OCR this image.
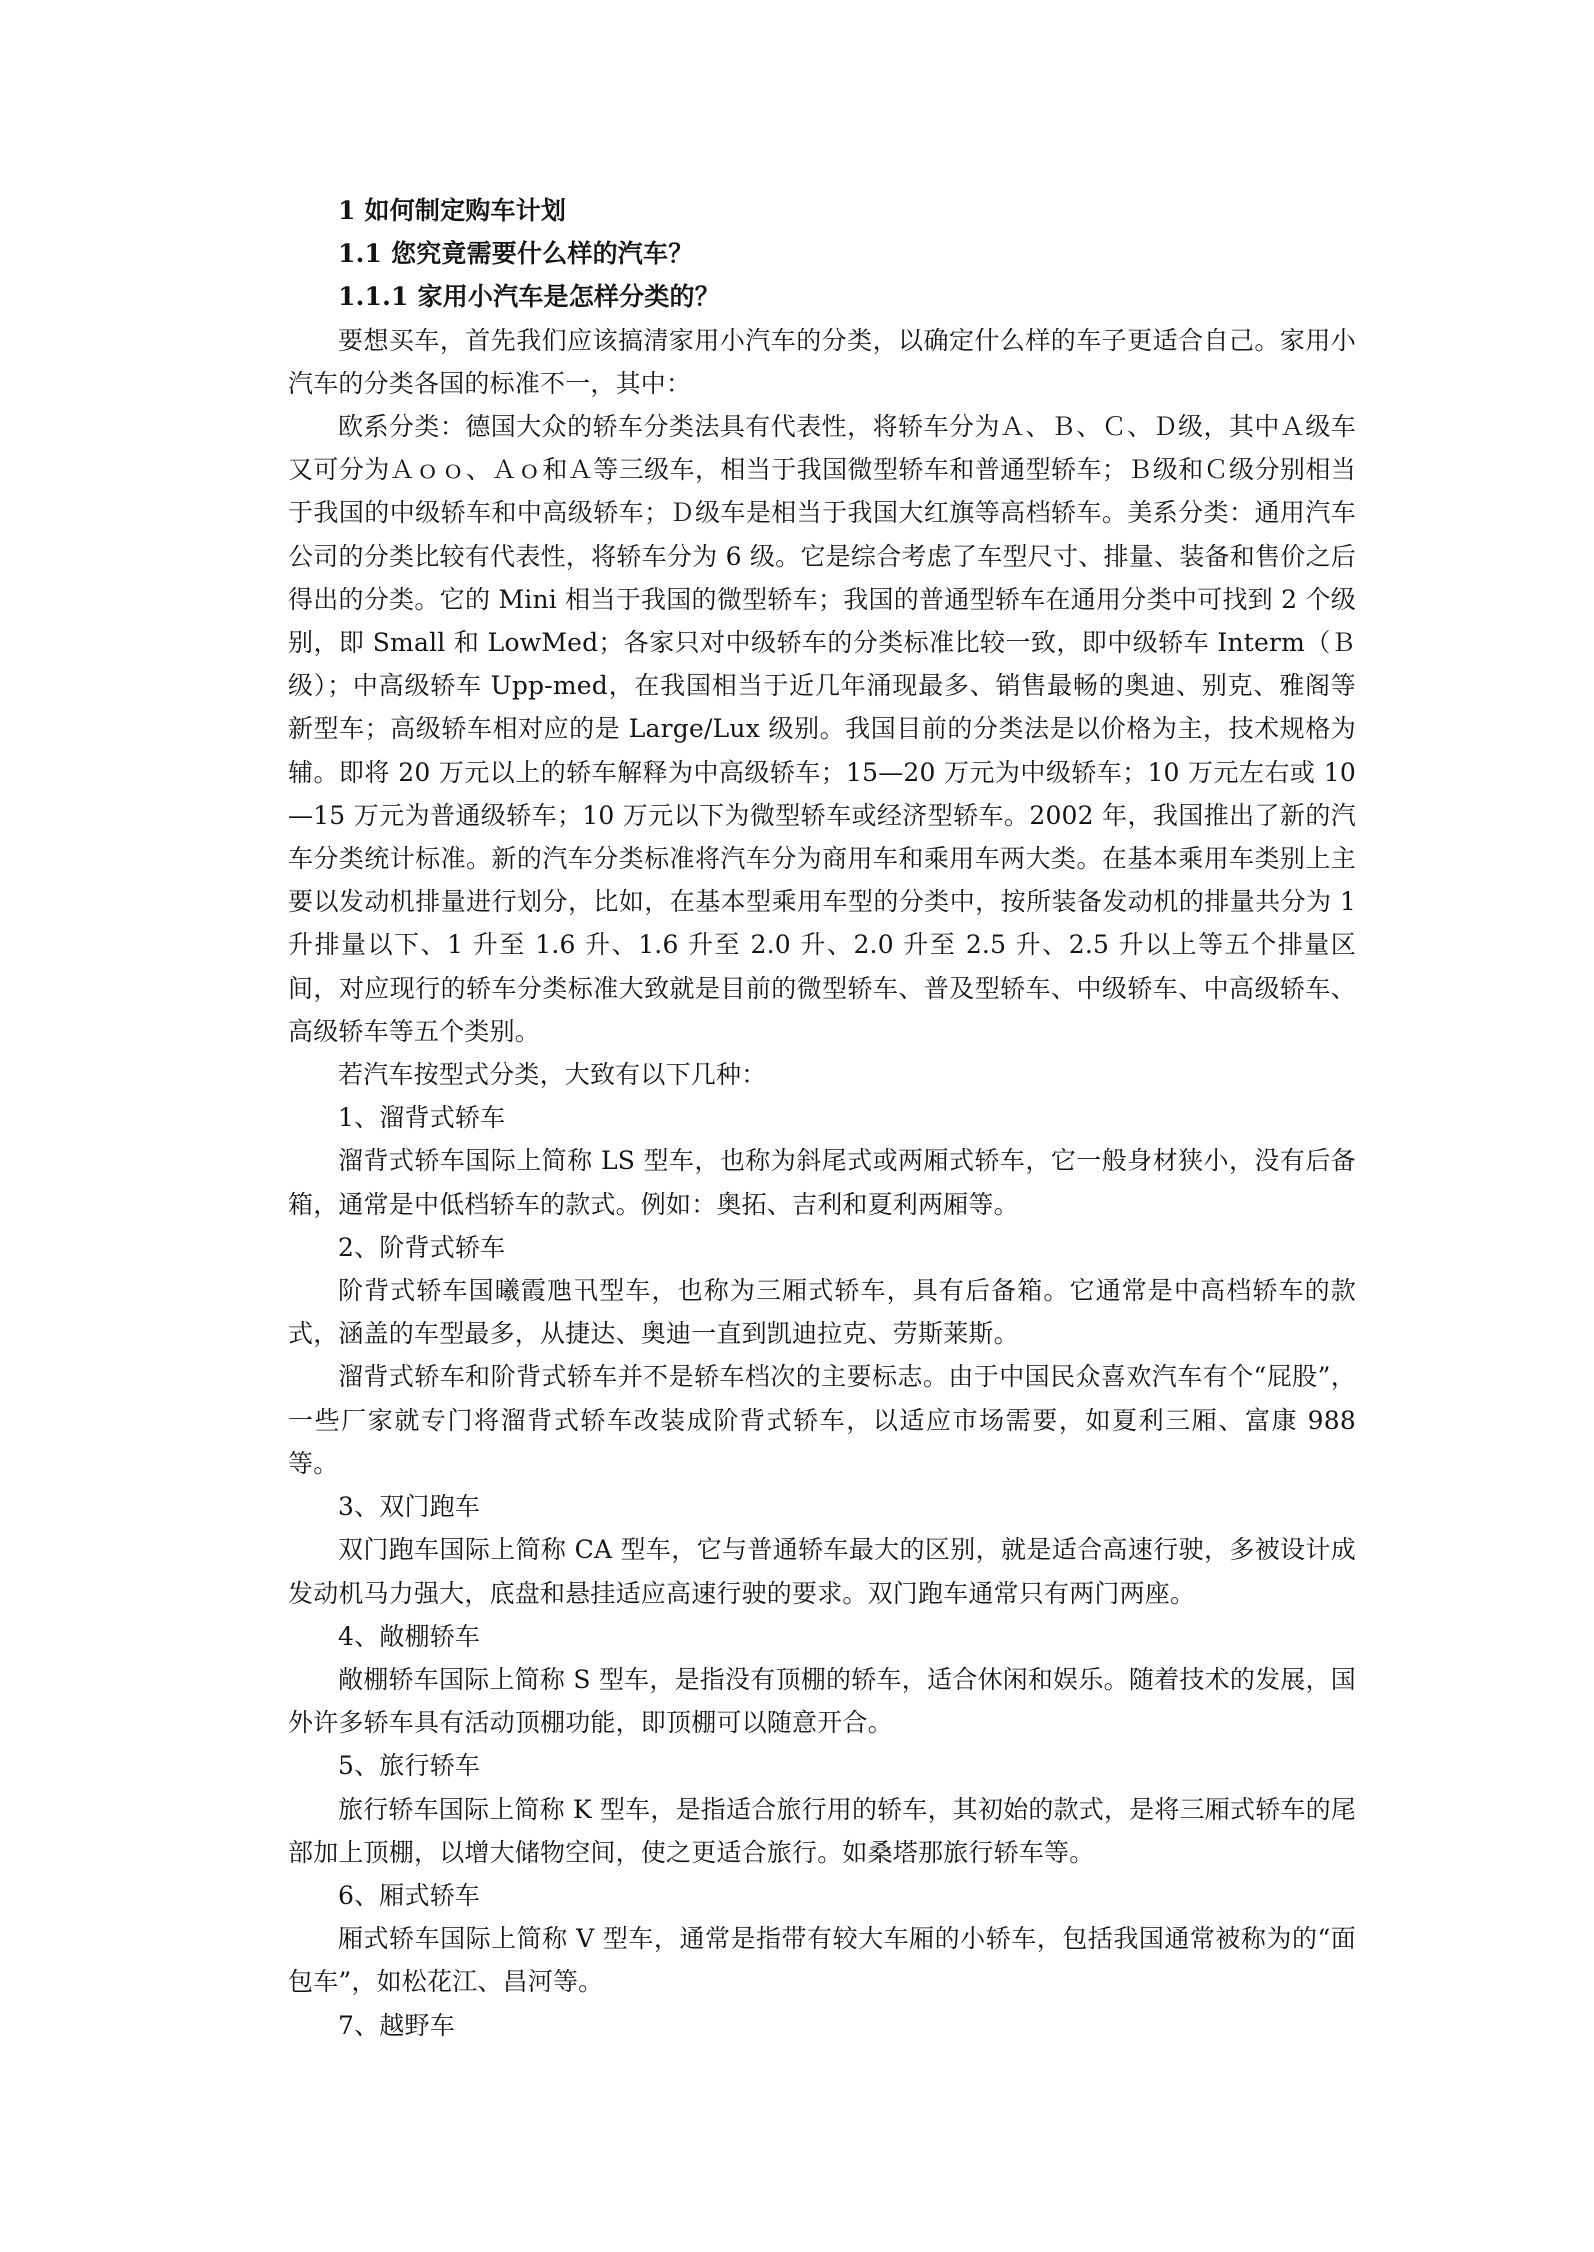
1 如何制定购车计划

1.1 您究竟需要什么样的汽车？

1.1.1 家用小汽车是怎样分类的？

要想买车，首先我们应该搞清家用小汽车的分类，以确定什么样的车子更适合自己。家用小汽车的分类各国的标准不一，其中：

欧系分类：德国大众的轿车分类法具有代表性，将轿车分为Ａ、Ｂ、Ｃ、Ｄ级，其中Ａ级车又可分为Ａｏｏ、Ａｏ和Ａ等三级车，相当于我国微型轿车和普通型轿车；Ｂ级和Ｃ级分别相当于我国的中级轿车和中高级轿车；Ｄ级车是相当于我国大红旗等高档轿车。美系分类：通用汽车公司的分类比较有代表性，将轿车分为 6 级。它是综合考虑了车型尺寸、排量、装备和售价之后得出的分类。它的 Mini 相当于我国的微型轿车；我国的普通型轿车在通用分类中可找到 2 个级别，即 Small 和 LowMed；各家只对中级轿车的分类标准比较一致，即中级轿车 Interm（Ｂ级）；中高级轿车 Upp-med，在我国相当于近几年涌现最多、销售最畅的奥迪、别克、雅阁等新型车；高级轿车相对应的是 Large/Lux 级别。我国目前的分类法是以价格为主，技术规格为辅。即将 20 万元以上的轿车解释为中高级轿车；15—20 万元为中级轿车；10 万元左右或 10—15 万元为普通级轿车；10 万元以下为微型轿车或经济型轿车。2002 年，我国推出了新的汽车分类统计标准。新的汽车分类标准将汽车分为商用车和乘用车两大类。在基本乘用车类别上主要以发动机排量进行划分，比如，在基本型乘用车型的分类中，按所装备发动机的排量共分为 1 升排量以下、1 升至 1.6 升、1.6 升至 2.0 升、2.0 升至 2.5 升、2.5 升以上等五个排量区间，对应现行的轿车分类标准大致就是目前的微型轿车、普及型轿车、中级轿车、中高级轿车、高级轿车等五个类别。

若汽车按型式分类，大致有以下几种：

1、溜背式轿车

溜背式轿车国际上简称 LS 型车，也称为斜尾式或两厢式轿车，它一般身材狭小，没有后备箱，通常是中低档轿车的款式。例如：奥拓、吉利和夏利两厢等。

2、阶背式轿车

阶背式轿车国曦霞虺卂型车，也称为三厢式轿车，具有后备箱。它通常是中高档轿车的款式，涵盖的车型最多，从捷达、奥迪一直到凯迪拉克、劳斯莱斯。

溜背式轿车和阶背式轿车并不是轿车档次的主要标志。由于中国民众喜欢汽车有个“屁股”，一些厂家就专门将溜背式轿车改装成阶背式轿车，以适应市场需要，如夏利三厢、富康 988 等。

3、双门跑车

双门跑车国际上简称 CA 型车，它与普通轿车最大的区别，就是适合高速行驶，多被设计成发动机马力强大，底盘和悬挂适应高速行驶的要求。双门跑车通常只有两门两座。

4、敞棚轿车

敞棚轿车国际上简称 S 型车，是指没有顶棚的轿车，适合休闲和娱乐。随着技术的发展，国外许多轿车具有活动顶棚功能，即顶棚可以随意开合。

5、旅行轿车

旅行轿车国际上简称 K 型车，是指适合旅行用的轿车，其初始的款式，是将三厢式轿车的尾部加上顶棚，以增大储物空间，使之更适合旅行。如桑塔那旅行轿车等。

6、厢式轿车

厢式轿车国际上简称 V 型车，通常是指带有较大车厢的小轿车，包括我国通常被称为的“面包车”，如松花江、昌河等。

7、越野车
